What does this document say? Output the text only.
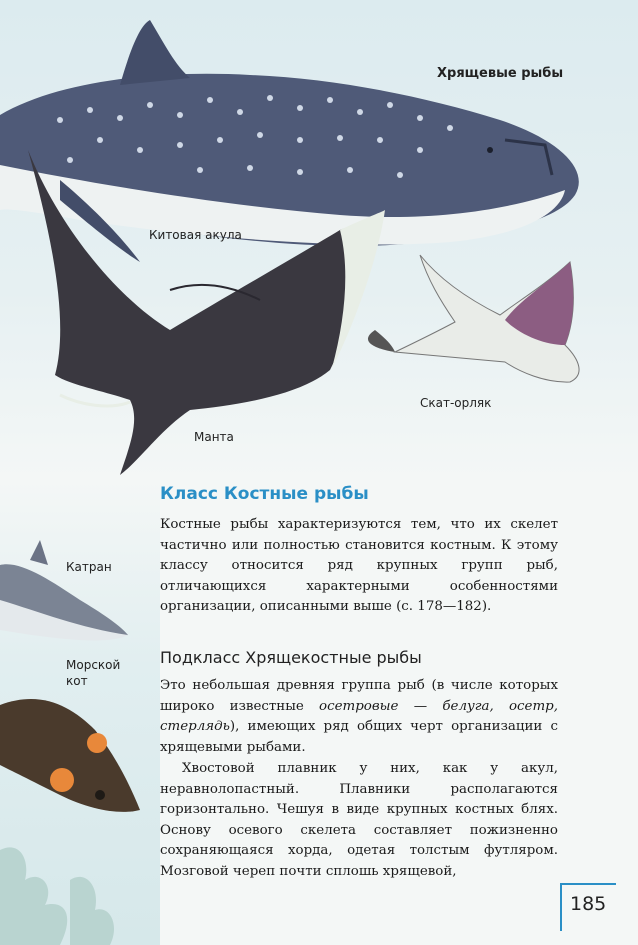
Хрящевые рыбы
Китовая акула
Скат-орляк
Манта
Катран
Морской
кот
Класс Костные рыбы
Костные рыбы характеризуются тем, что их скелет частично или полностью становится костным. К этому классу относится ряд крупных групп рыб, отличающихся характерными особенностями организации, описанными выше (с. 178—182).
Подкласс Хрящекостные рыбы
Это небольшая древняя группа рыб (в числе которых широко известные осетровые — белуга, осетр, стерлядь), имеющих ряд общих черт организации с хрящевыми рыбами.
Хвостовой плавник у них, как у акул, неравнолопастный. Плавники располагаются горизонтально. Чешуя в виде крупных костных блях. Основу осевого скелета составляет пожизненно сохраняющаяся хорда, одетая толстым футляром. Мозговой череп почти сплошь хрящевой,
185
